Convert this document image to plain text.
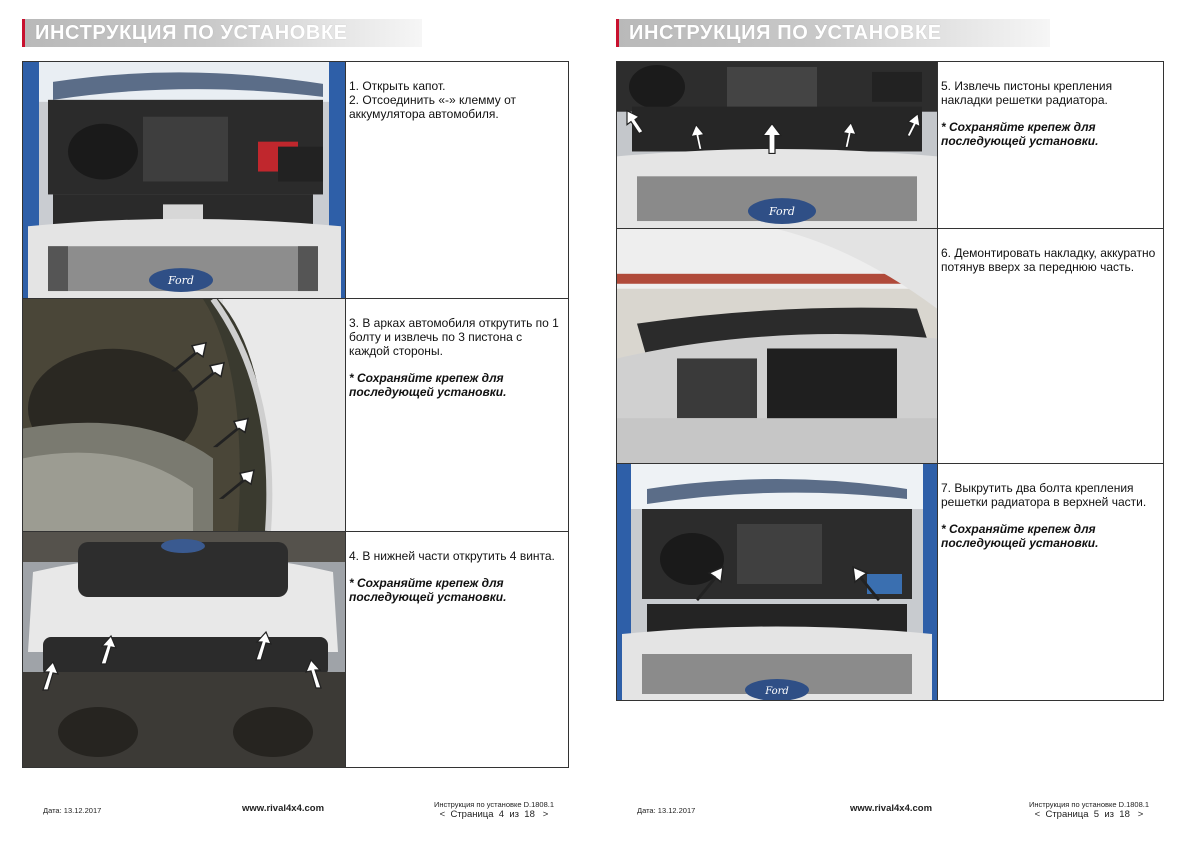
ИНСТРУКЦИЯ ПО УСТАНОВКЕ
Ford

1. Открыть капот.

2. Отсоединить «-» клемму от аккумулятора автомобиля.

3. В арках автомобиля открутить по 1 болту и извлечь по 3 пистона с каждой стороны.

* Сохраняйте крепеж для последующей установки.

4. В нижней части открутить 4 винта.

* Сохраняйте крепеж для последующей установки.

Дата: 13.12.2017	www.rival4x4.com	Инструкция по установке D.1808.1
<  Страница  4  из  18   >
ИНСТРУКЦИЯ ПО УСТАНОВКЕ
Ford

5. Извлечь пистоны крепления накладки решетки радиатора.

* Сохраняйте крепеж для последующей установки.

6. Демонтировать накладку, аккуратно потянув вверх за переднюю часть.

Ford

7. Выкрутить два болта крепления решетки радиатора в верхней части.

* Сохраняйте крепеж для последующей установки.

Дата: 13.12.2017	www.rival4x4.com	Инструкция по установке D.1808.1
<  Страница  5  из  18   >
